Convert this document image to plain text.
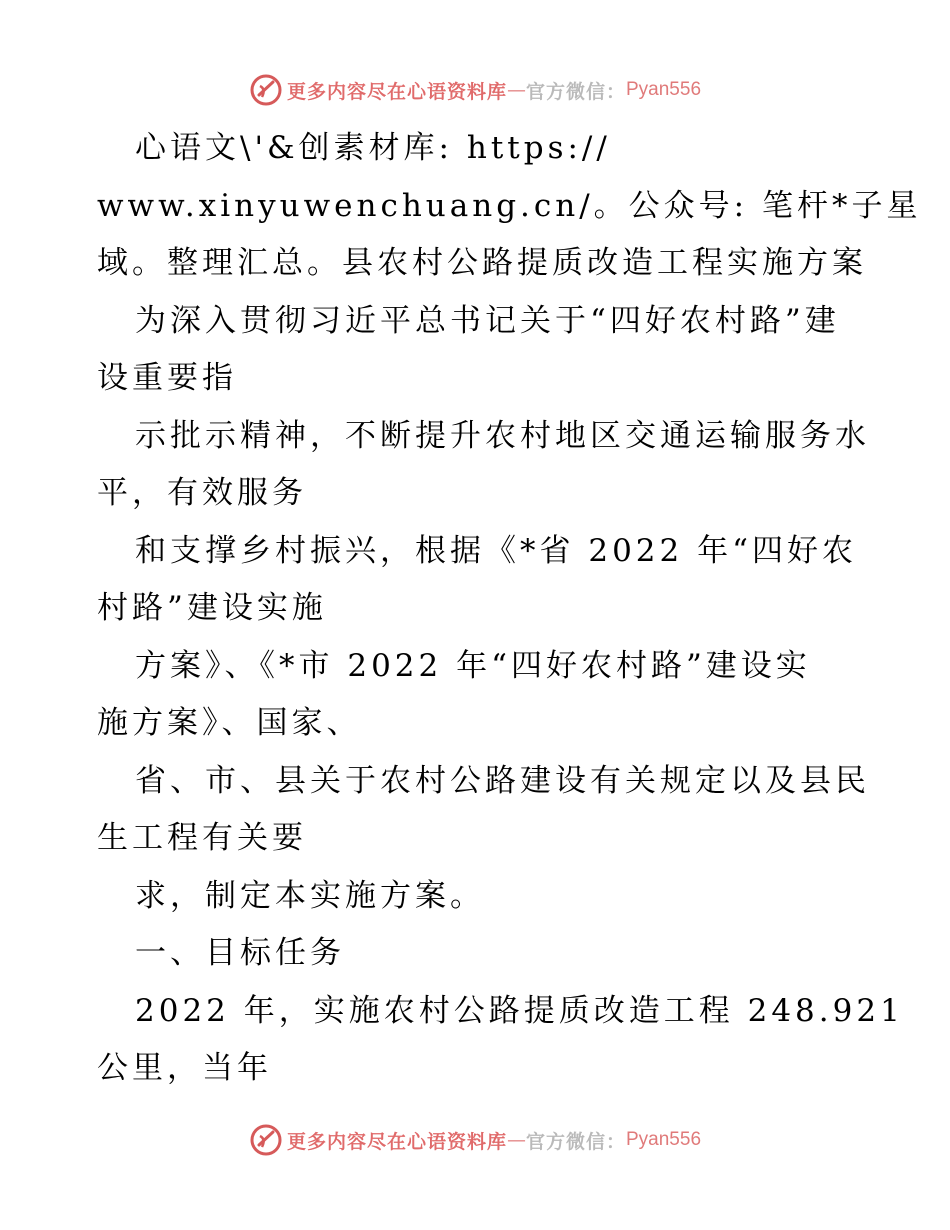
更多内容尽在心语资料库 — 官方微信： Pyan556
心语文\'&创素材库: https://
www.xinyuwenchuang.cn/。公众号: 笔杆*子星
域。整理汇总。县农村公路提质改造工程实施方案
为深入贯彻习近平总书记关于“四好农村路”建
设重要指
示批示精神，不断提升农村地区交通运输服务水
平，有效服务
和支撑乡村振兴，根据《*省 2022 年“四好农
村路”建设实施
方案》、《*市 2022 年“四好农村路”建设实
施方案》、国家、
省、市、县关于农村公路建设有关规定以及县民
生工程有关要
求，制定本实施方案。
一、目标任务
2022 年，实施农村公路提质改造工程 248.921
公里，当年
更多内容尽在心语资料库 — 官方微信： Pyan556
